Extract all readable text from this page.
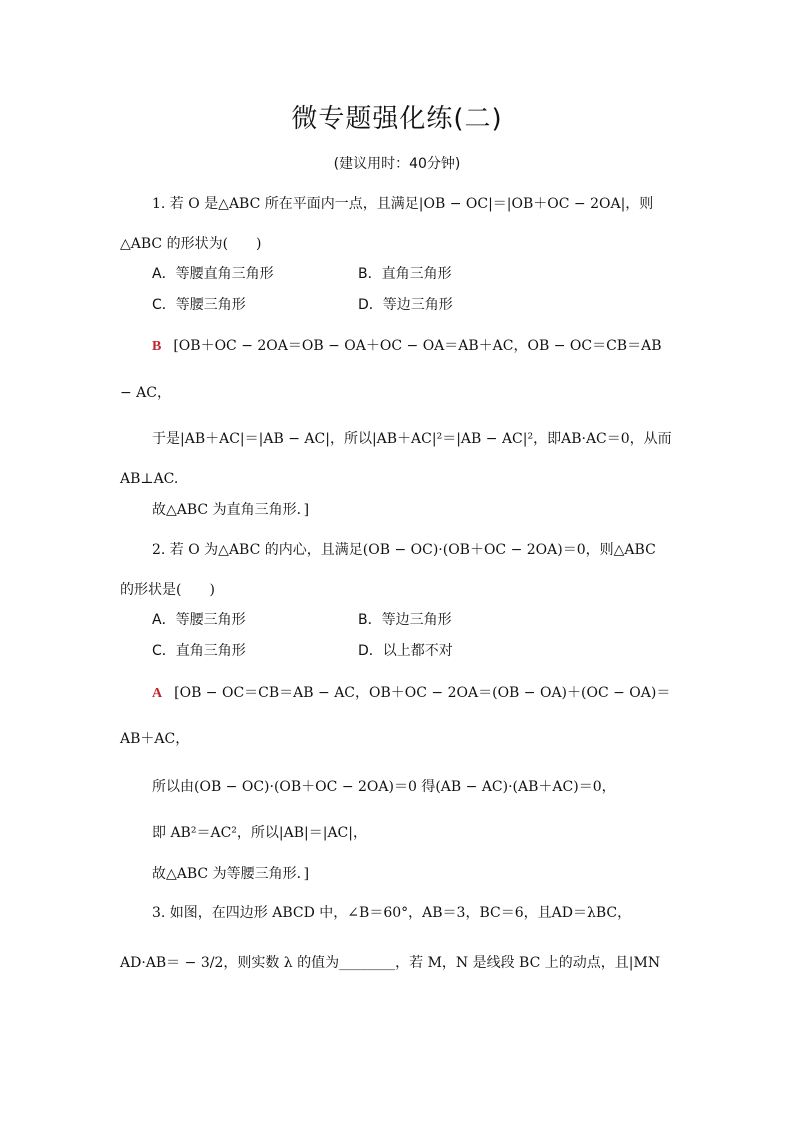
微专题强化练(二)
(建议用时：40分钟)
1. 若 O 是△ABC 所在平面内一点，且满足|OB − OC|＝|OB＋OC − 2OA|，则
△ABC 的形状为(　　)
A．等腰直角三角形	B．直角三角形
C．等腰三角形	D．等边三角形
B [OB＋OC − 2OA＝OB − OA＋OC − OA＝AB＋AC，OB − OC＝CB＝AB
− AC，
于是|AB＋AC|＝|AB − AC|，所以|AB＋AC|²＝|AB − AC|²，即AB·AC＝0，从而
AB⊥AC.
故△ABC 为直角三角形．]
2. 若 O 为△ABC 的内心，且满足(OB − OC)·(OB＋OC − 2OA)＝0，则△ABC
的形状是(　　)
A．等腰三角形	B．等边三角形
C．直角三角形	D．以上都不对
A [OB − OC＝CB＝AB − AC，OB＋OC − 2OA＝(OB − OA)＋(OC − OA)＝
AB＋AC，
所以由(OB − OC)·(OB＋OC − 2OA)＝0 得(AB − AC)·(AB＋AC)＝0，
即 AB²＝AC²，所以|AB|＝|AC|，
故△ABC 为等腰三角形．]
3. 如图，在四边形 ABCD 中，∠B＝60°，AB＝3，BC＝6，且AD＝λBC，
AD·AB＝ − 3/2，则实数 λ 的值为________，若 M，N 是线段 BC 上的动点，且|MN
